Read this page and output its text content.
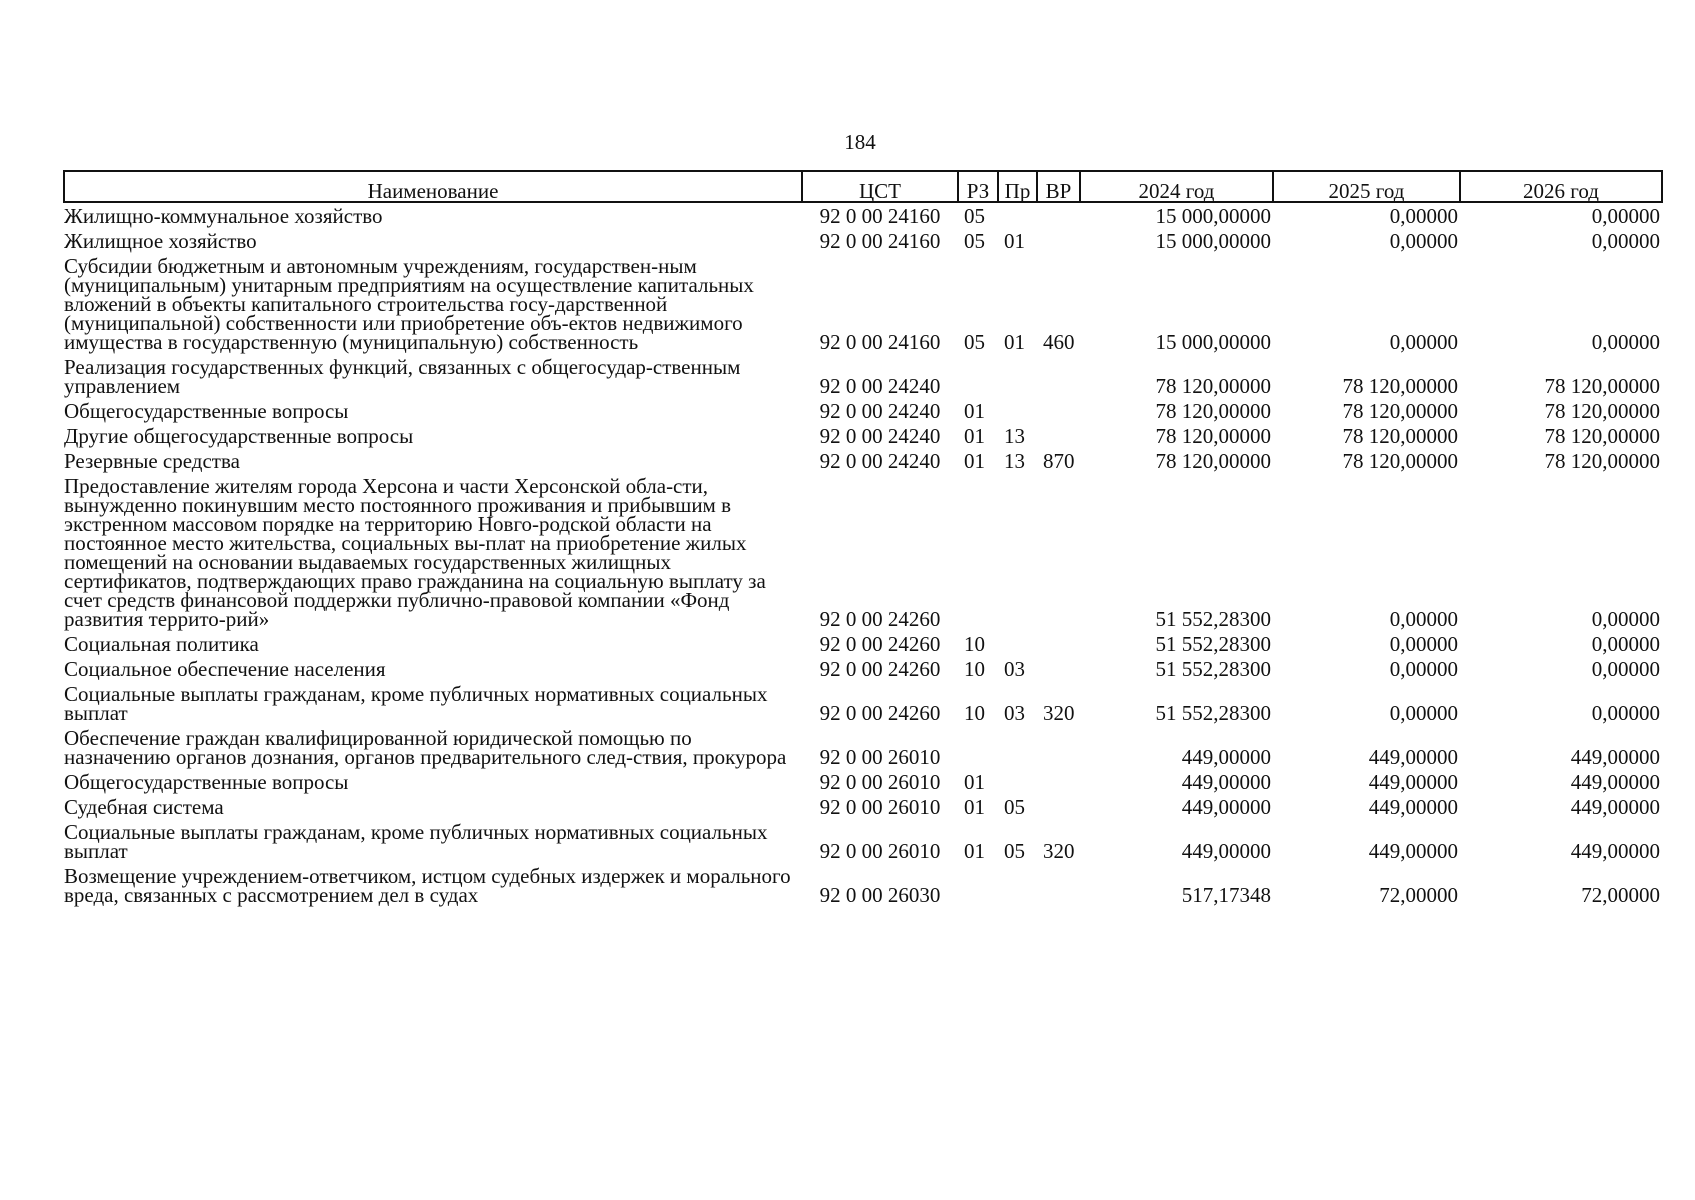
184
Наименование	ЦСТ	РЗ	Пр	ВР	2024 год	2025 год	2026 год
Жилищно-коммунальное хозяйство	92 0 00 24160	05			15 000,00000	0,00000	0,00000
Жилищное хозяйство	92 0 00 24160	05	01		15 000,00000	0,00000	0,00000
Субсидии бюджетным и автономным учреждениям, государствен-ным (муниципальным) унитарным предприятиям на осуществление капитальных вложений в объекты капитального строительства госу-дарственной (муниципальной) собственности или приобретение объ-ектов недвижимого имущества в государственную (муниципальную) собственность	92 0 00 24160	05	01	460	15 000,00000	0,00000	0,00000
Реализация государственных функций, связанных с общегосудар-ственным управлением	92 0 00 24240				78 120,00000	78 120,00000	78 120,00000
Общегосударственные вопросы	92 0 00 24240	01			78 120,00000	78 120,00000	78 120,00000
Другие общегосударственные вопросы	92 0 00 24240	01	13		78 120,00000	78 120,00000	78 120,00000
Резервные средства	92 0 00 24240	01	13	870	78 120,00000	78 120,00000	78 120,00000
Предоставление жителям города Херсона и части Херсонской обла-сти, вынужденно покинувшим место постоянного проживания и прибывшим в экстренном массовом порядке на территорию Новго-родской области на постоянное место жительства, социальных вы-плат на приобретение жилых помещений на основании выдаваемых государственных жилищных сертификатов, подтверждающих право гражданина на социальную выплату за счет средств финансовой поддержки публично-правовой компании «Фонд развития террито-рий»	92 0 00 24260				51 552,28300	0,00000	0,00000
Социальная политика	92 0 00 24260	10			51 552,28300	0,00000	0,00000
Социальное обеспечение населения	92 0 00 24260	10	03		51 552,28300	0,00000	0,00000
Социальные выплаты гражданам, кроме публичных нормативных социальных выплат	92 0 00 24260	10	03	320	51 552,28300	0,00000	0,00000
Обеспечение граждан квалифицированной юридической помощью по назначению органов дознания, органов предварительного след-ствия, прокурора	92 0 00 26010				449,00000	449,00000	449,00000
Общегосударственные вопросы	92 0 00 26010	01			449,00000	449,00000	449,00000
Судебная система	92 0 00 26010	01	05		449,00000	449,00000	449,00000
Социальные выплаты гражданам, кроме публичных нормативных социальных выплат	92 0 00 26010	01	05	320	449,00000	449,00000	449,00000
Возмещение учреждением-ответчиком, истцом судебных издержек и морального вреда, связанных с рассмотрением дел в судах	92 0 00 26030				517,17348	72,00000	72,00000
